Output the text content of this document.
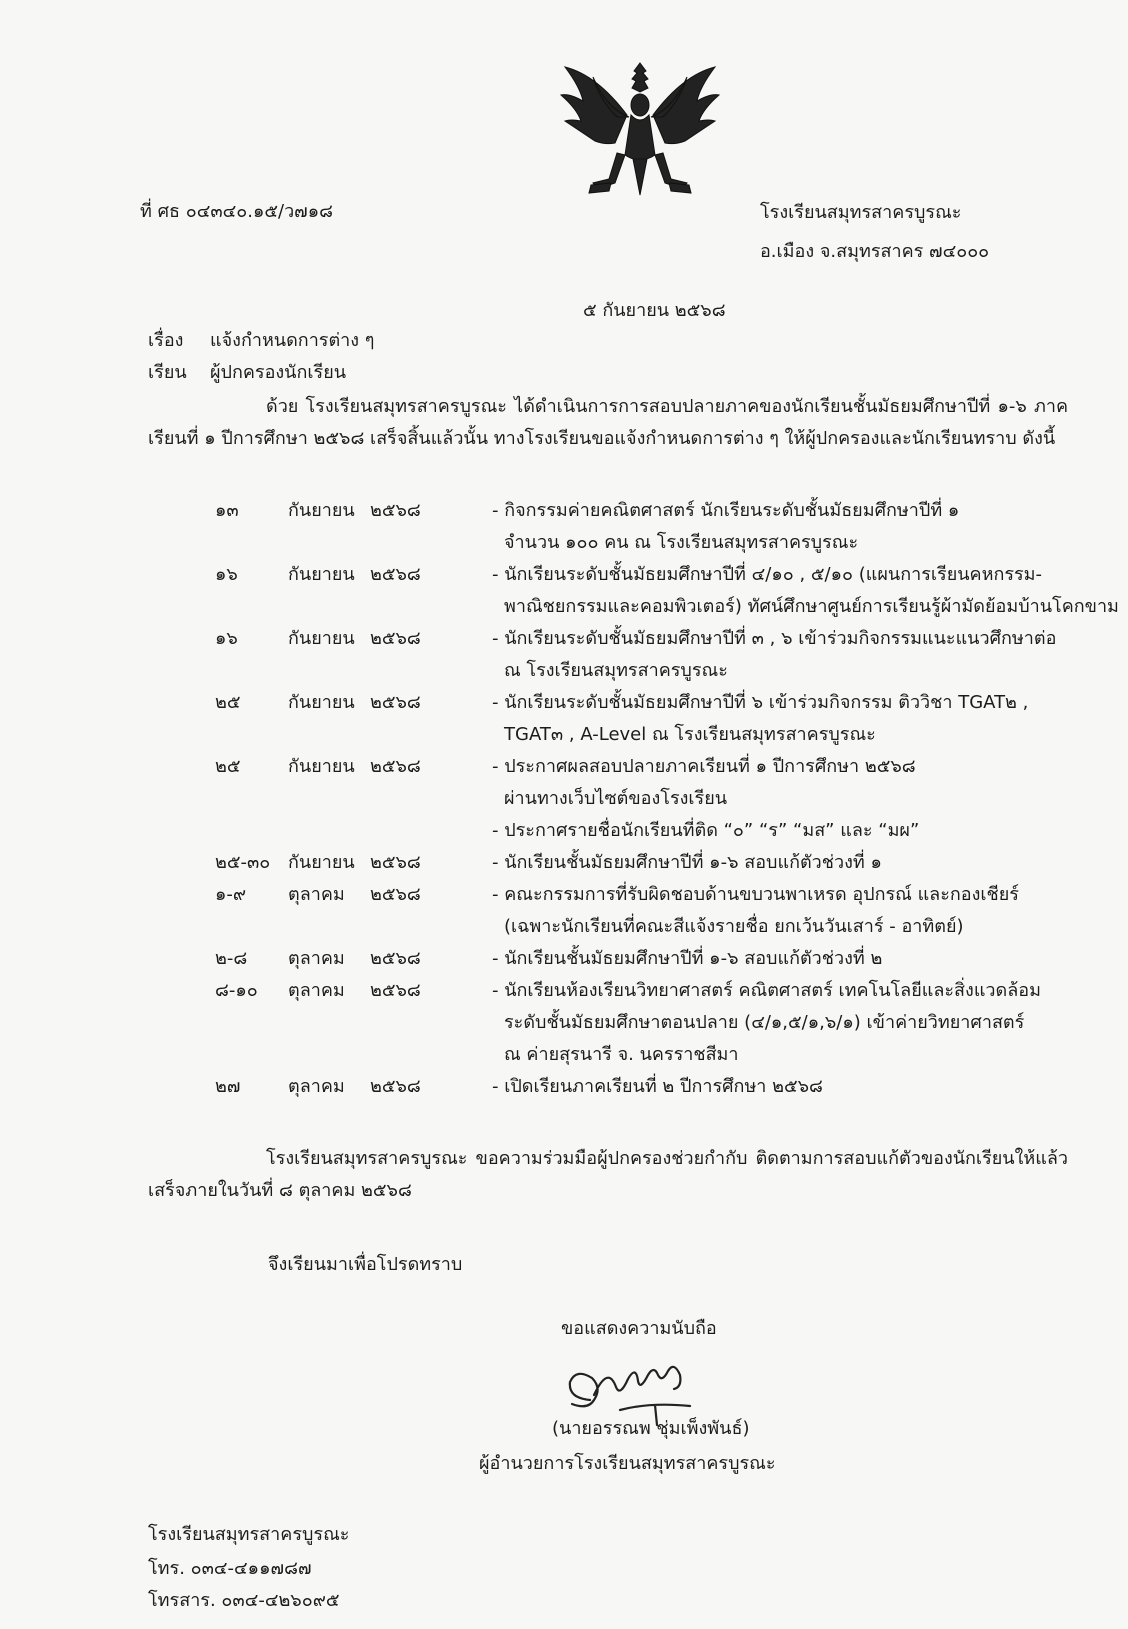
ที่ ศธ ๐๔๓๔๐.๑๕/ว๗๑๘	โรงเรียนสมุทรสาครบูรณะ
อ.เมือง จ.สมุทรสาคร ๗๔๐๐๐
๕ กันยายน ๒๕๖๘
เรื่อง แจ้งกำหนดการต่าง ๆ
เรียน ผู้ปกครองนักเรียน
ด้วย โรงเรียนสมุทรสาครบูรณะ ได้ดำเนินการการสอบปลายภาคของนักเรียนชั้นมัธยมศึกษาปีที่ ๑-๖ ภาคเรียนที่ ๑ ปีการศึกษา ๒๕๖๘ เสร็จสิ้นแล้วนั้น ทางโรงเรียนขอแจ้งกำหนดการต่าง ๆ ให้ผู้ปกครองและนักเรียนทราบ ดังนี้
๑๓	กันยายน ๒๕๖๘	- กิจกรรมค่ายคณิตศาสตร์ นักเรียนระดับชั้นมัธยมศึกษาปีที่ ๑
จำนวน ๑๐๐ คน ณ โรงเรียนสมุทรสาครบูรณะ
๑๖	กันยายน ๒๕๖๘	- นักเรียนระดับชั้นมัธยมศึกษาปีที่ ๔/๑๐ , ๕/๑๐ (แผนการเรียนคหกรรม-
พาณิชยกรรมและคอมพิวเตอร์) ทัศน์ศึกษาศูนย์การเรียนรู้ผ้ามัดย้อมบ้านโคกขาม
๑๖	กันยายน ๒๕๖๘	- นักเรียนระดับชั้นมัธยมศึกษาปีที่ ๓ , ๖ เข้าร่วมกิจกรรมแนะแนวศึกษาต่อ
ณ โรงเรียนสมุทรสาครบูรณะ
๒๕	กันยายน ๒๕๖๘	- นักเรียนระดับชั้นมัธยมศึกษาปีที่ ๖ เข้าร่วมกิจกรรม ติววิชา TGAT๒ ,
TGAT๓ , A-Level ณ โรงเรียนสมุทรสาครบูรณะ
๒๕	กันยายน ๒๕๖๘	- ประกาศผลสอบปลายภาคเรียนที่ ๑ ปีการศึกษา ๒๕๖๘
ผ่านทางเว็บไซต์ของโรงเรียน
- ประกาศรายชื่อนักเรียนที่ติด “๐” “ร” “มส” และ “มผ”
๒๕-๓๐ กันยายน ๒๕๖๘	- นักเรียนชั้นมัธยมศึกษาปีที่ ๑-๖ สอบแก้ตัวช่วงที่ ๑
๑-๙ ตุลาคม ๒๕๖๘	- คณะกรรมการที่รับผิดชอบด้านขบวนพาเหรด อุปกรณ์ และกองเชียร์
(เฉพาะนักเรียนที่คณะสีแจ้งรายชื่อ ยกเว้นวันเสาร์ - อาทิตย์)
๒-๘ ตุลาคม ๒๕๖๘	- นักเรียนชั้นมัธยมศึกษาปีที่ ๑-๖ สอบแก้ตัวช่วงที่ ๒
๘-๑๐ ตุลาคม ๒๕๖๘	- นักเรียนห้องเรียนวิทยาศาสตร์ คณิตศาสตร์ เทคโนโลยีและสิ่งแวดล้อม
ระดับชั้นมัธยมศึกษาตอนปลาย (๔/๑,๕/๑,๖/๑) เข้าค่ายวิทยาศาสตร์
ณ ค่ายสุรนารี จ. นครราชสีมา
๒๗	ตุลาคม ๒๕๖๘	- เปิดเรียนภาคเรียนที่ ๒ ปีการศึกษา ๒๕๖๘
โรงเรียนสมุทรสาครบูรณะ ขอความร่วมมือผู้ปกครองช่วยกำกับ ติดตามการสอบแก้ตัวของนักเรียนให้แล้วเสร็จภายในวันที่ ๘ ตุลาคม ๒๕๖๘
จึงเรียนมาเพื่อโปรดทราบ
ขอแสดงความนับถือ
(นายอรรณพ ชุ่มเพ็งพันธ์)
ผู้อำนวยการโรงเรียนสมุทรสาครบูรณะ
โรงเรียนสมุทรสาครบูรณะ
โทร. ๐๓๔-๔๑๑๗๘๗
โทรสาร. ๐๓๔-๔๒๖๐๙๕
